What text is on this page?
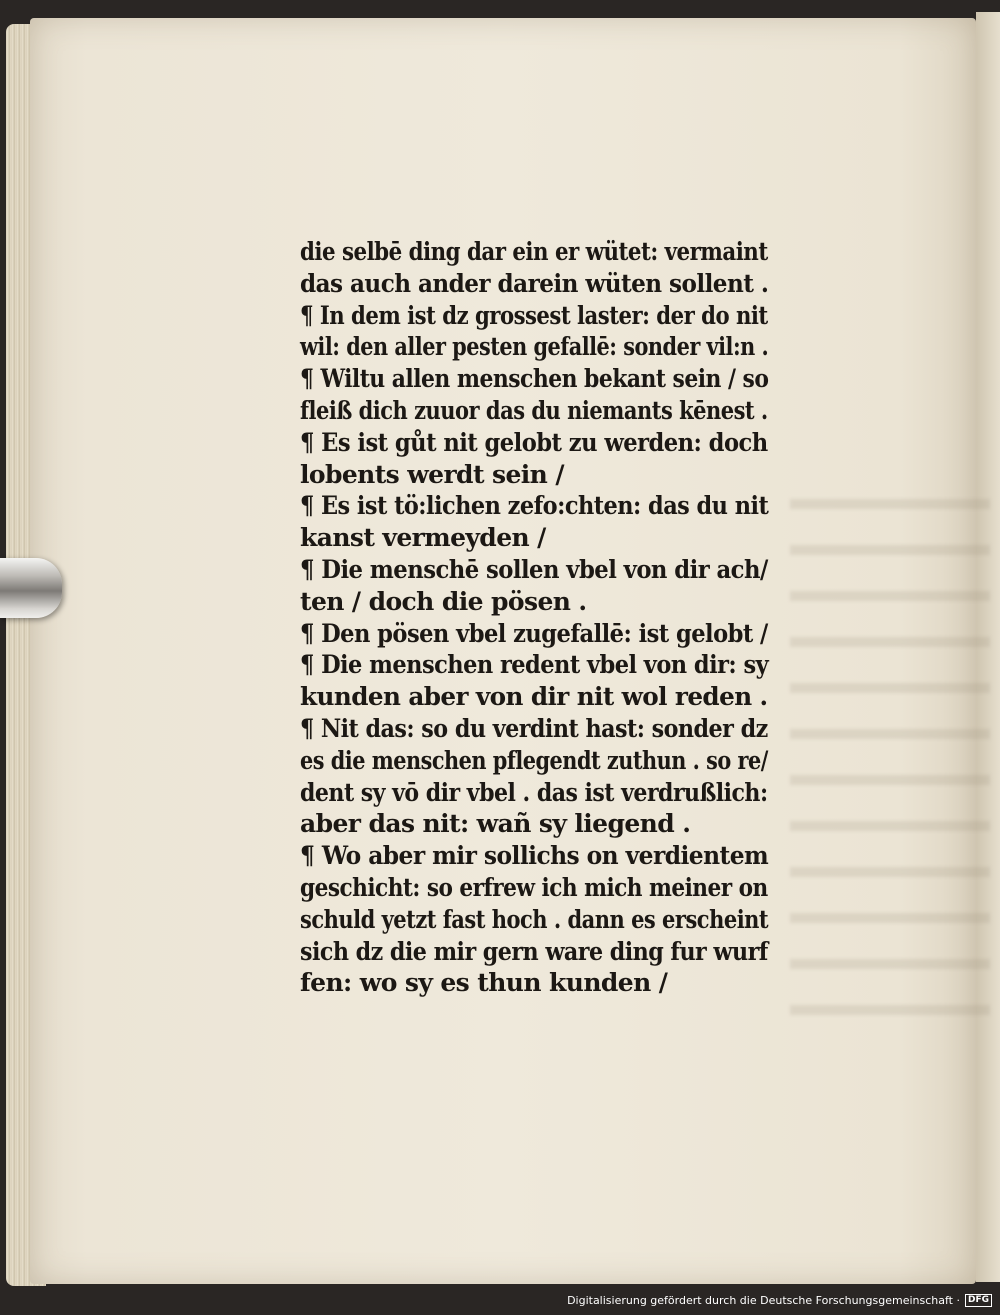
die selbē ding dar ein er wütet: vermaint
das auch ander darein wüten sollent .
¶ In dem ist dz grossest laster: der do nit
wil: den aller pesten gefallē: sonder vil:n .
¶ Wiltu allen menschen bekant sein / so
fleiß dich zuuor das du niemants kēnest .
¶ Es ist gůt nit gelobt zu werden: doch
lobents werdt sein /
¶ Es ist tö:lichen zefo:chten: das du nit
kanst vermeyden /
¶ Die menschē sollen vbel von dir ach/
ten / doch die pösen .
¶ Den pösen vbel zugefallē: ist gelobt /
¶ Die menschen redent vbel von dir: sy
kunden aber von dir nit wol reden .
¶ Nit das: so du verdint hast: sonder dz
es die menschen pflegendt zuthun . so re/
dent sy vō dir vbel . das ist verdrußlich:
aber das nit: wañ sy liegend .
¶ Wo aber mir sollichs on verdientem
geschicht: so erfrew ich mich meiner on
schuld yetzt fast hoch . dann es erscheint
sich dz die mir gern ware ding fur wurf
fen: wo sy es thun kunden /
Digitalisierung gefördert durch die Deutsche Forschungsgemeinschaft · DFG
